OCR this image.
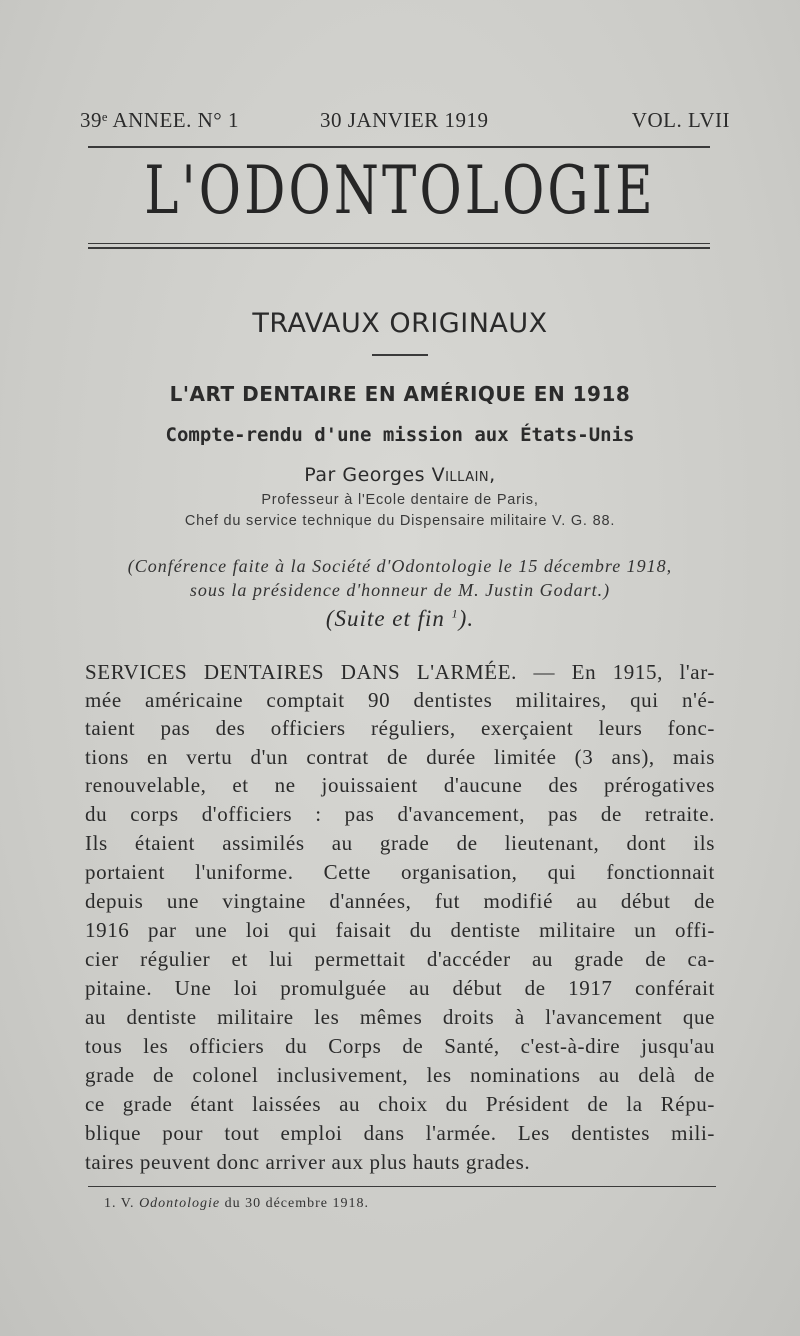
39ᵉ ANNEE. N° 1	30 JANVIER 1919	VOL. LVII
L'ODONTOLOGIE
TRAVAUX ORIGINAUX
L'ART DENTAIRE EN AMÉRIQUE EN 1918
Compte-rendu d'une mission aux États-Unis
Par Georges Villain,
Professeur à l'Ecole dentaire de Paris,
Chef du service technique du Dispensaire militaire V. G. 88.
(Conférence faite à la Société d'Odontologie le 15 décembre 1918,
sous la présidence d'honneur de M. Justin Godart.)
(Suite et fin $^1$).
SERVICES DENTAIRES DANS L'ARMÉE. — En 1915, l'ar-
mée américaine comptait 90 dentistes militaires, qui n'é-
taient pas des officiers réguliers, exerçaient leurs fonc-
tions en vertu d'un contrat de durée limitée (3 ans), mais
renouvelable, et ne jouissaient d'aucune des prérogatives
du corps d'officiers : pas d'avancement, pas de retraite.
Ils étaient assimilés au grade de lieutenant, dont ils
portaient l'uniforme. Cette organisation, qui fonctionnait
depuis une vingtaine d'années, fut modifié au début de
1916 par une loi qui faisait du dentiste militaire un offi-
cier régulier et lui permettait d'accéder au grade de ca-
pitaine. Une loi promulguée au début de 1917 conférait
au dentiste militaire les mêmes droits à l'avancement que
tous les officiers du Corps de Santé, c'est-à-dire jusqu'au
grade de colonel inclusivement, les nominations au delà de
ce grade étant laissées au choix du Président de la Répu-
blique pour tout emploi dans l'armée. Les dentistes mili-
taires peuvent donc arriver aux plus hauts grades.
1. V. Odontologie du 30 décembre 1918.
